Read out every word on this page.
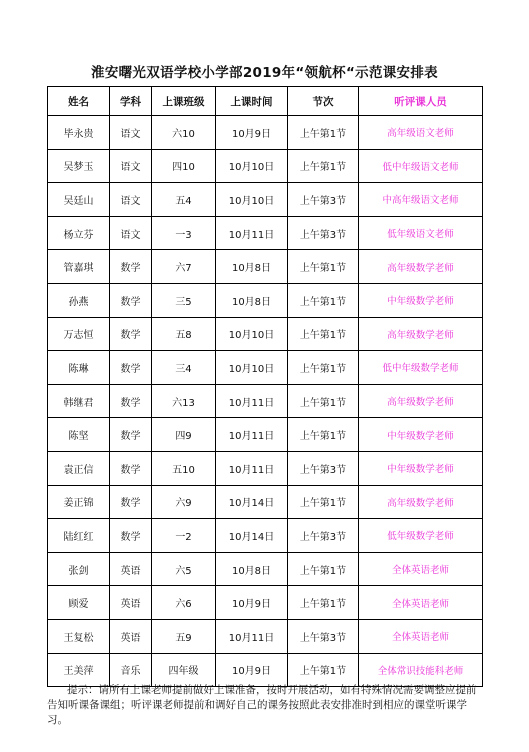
淮安曙光双语学校小学部2019年“领航杯“示范课安排表
姓名	学科	上课班级	上课时间	节次	听评课人员
毕永贵	语文	六10	10月9日	上午第1节	高年级语文老师
吴梦玉	语文	四10	10月10日	上午第1节	低中年级语文老师
吴廷山	语文	五4	10月10日	上午第3节	中高年级语文老师
杨立芬	语文	一3	10月11日	上午第3节	低年级语文老师
管嘉琪	数学	六7	10月8日	上午第1节	高年级数学老师
孙燕	数学	三5	10月8日	上午第1节	中年级数学老师
万志恒	数学	五8	10月10日	上午第1节	高年级数学老师
陈琳	数学	三4	10月10日	上午第1节	低中年级数学老师
韩继君	数学	六13	10月11日	上午第1节	高年级数学老师
陈坚	数学	四9	10月11日	上午第1节	中年级数学老师
袁正信	数学	五10	10月11日	上午第3节	中年级数学老师
姜正锦	数学	六9	10月14日	上午第1节	高年级数学老师
陆红红	数学	一2	10月14日	上午第3节	低年级数学老师
张剑	英语	六5	10月8日	上午第1节	全体英语老师
顾爱	英语	六6	10月9日	上午第1节	全体英语老师
王复松	英语	五9	10月11日	上午第3节	全体英语老师
王美萍	音乐	四年级	10月9日	上午第1节	全体常识技能科老师
提示：请所有上课老师提前做好上课准备，按时开展活动，如有特殊情况需要调整应提前告知听课备课组；听评课老师提前和调好自己的课务按照此表安排准时到相应的课堂听课学习。
